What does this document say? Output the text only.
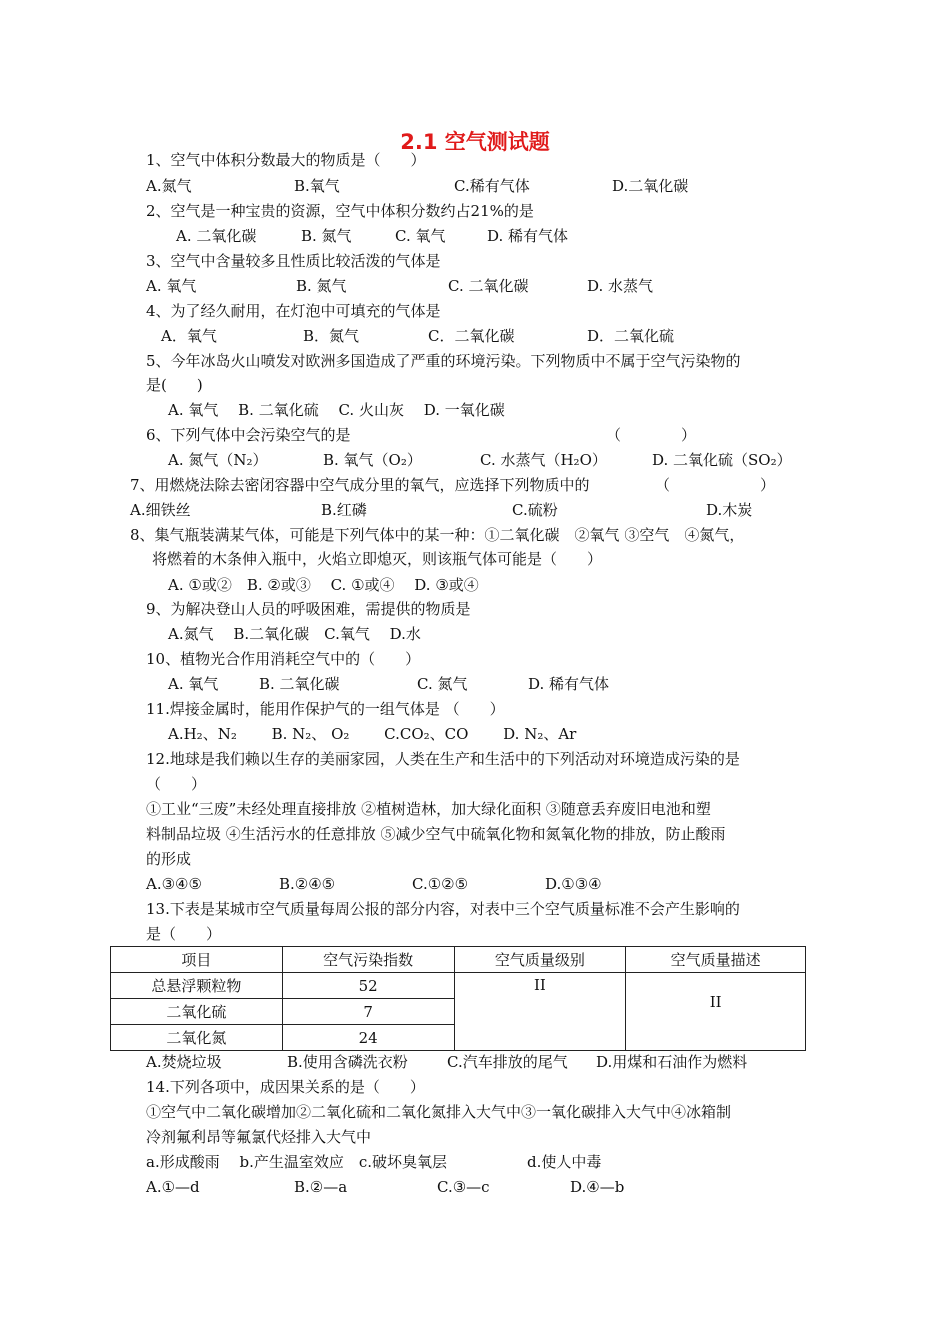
2.1 空气测试题
1、空气中体积分数最大的物质是（　　）
A.氮气	B.氧气	C.稀有气体	D.二氧化碳
2、空气是一种宝贵的资源，空气中体积分数约占21%的是
A. 二氧化碳	B. 氮气	C. 氧气	D. 稀有气体
3、空气中含量较多且性质比较活泼的气体是
A. 氧气	B. 氮气	C. 二氧化碳	D. 水蒸气
4、为了经久耐用，在灯泡中可填充的气体是
A．氧气	B．氮气	C．二氧化碳	D．二氧化硫
5、今年冰岛火山喷发对欧洲多国造成了严重的环境污染。下列物质中不属于空气污染物的
是(　　)
A. 氧气　 B. 二氧化硫　 C. 火山灰　 D. 一氧化碳
6、下列气体中会污染空气的是	（　　　　）
A. 氮气（N₂）	B. 氧气（O₂）	C. 水蒸气（H₂O）	D. 二氧化硫（SO₂）
7、用燃烧法除去密闭容器中空气成分里的氧气，应选择下列物质中的	（　　　　　　）
A.细铁丝	B.红磷	C.硫粉	D.木炭
8、集气瓶装满某气体，可能是下列气体中的某一种：①二氧化碳　②氧气 ③空气　④氮气，
将燃着的木条伸入瓶中，火焰立即熄灭，则该瓶气体可能是（　　）
A. ①或②　B. ②或③　 C. ①或④　 D. ③或④
9、为解决登山人员的呼吸困难，需提供的物质是
A.氮气　 B.二氧化碳　C.氧气　 D.水
10、植物光合作用消耗空气中的（　　）
A. 氧气	B. 二氧化碳	C. 氮气	D. 稀有气体
11.焊接金属时，能用作保护气的一组气体是 （　　）
A.H₂、N₂　　 B. N₂、 O₂　　 C.CO₂、CO　　 D. N₂、Ar
12.地球是我们赖以生存的美丽家园，人类在生产和生活中的下列活动对环境造成污染的是
（　　）
①工业“三废”未经处理直接排放 ②植树造林，加大绿化面积 ③随意丢弃废旧电池和塑
料制品垃圾 ④生活污水的任意排放 ⑤减少空气中硫氧化物和氮氧化物的排放，防止酸雨
的形成
A.③④⑤	B.②④⑤	C.①②⑤	D.①③④
13.下表是某城市空气质量每周公报的部分内容，对表中三个空气质量标准不会产生影响的
是（　　）
项目	空气污染指数	空气质量级别	空气质量描述
总悬浮颗粒物	52	II	II
二氧化硫	7		
二氧化氮	24		
A.焚烧垃圾	B.使用含磷洗衣粉	C.汽车排放的尾气 D.用煤和石油作为燃料
14.下列各项中，成因果关系的是（　　）
①空气中二氧化碳增加②二氧化硫和二氧化氮排入大气中③一氧化碳排入大气中④冰箱制
冷剂氟利昂等氟氯代烃排入大气中
a.形成酸雨　 b.产生温室效应　c.破坏臭氧层	d.使人中毒
A.①—d	B.②—a	C.③—c	D.④—b
